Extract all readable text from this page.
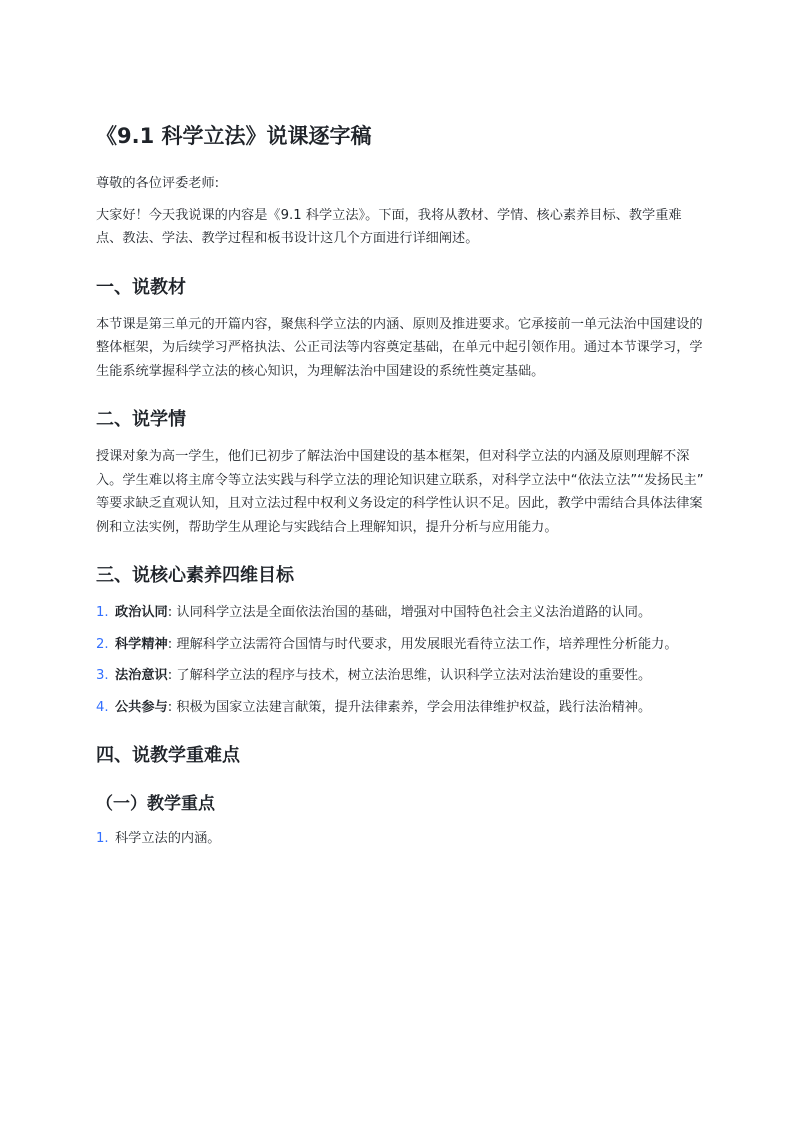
《9.1 科学立法》说课逐字稿

尊敬的各位评委老师:

大家好！今天我说课的内容是《9.1 科学立法》。下面，我将从教材、学情、核心素养目标、教学重难点、教法、学法、教学过程和板书设计这几个方面进行详细阐述。

一、说教材

本节课是第三单元的开篇内容，聚焦科学立法的内涵、原则及推进要求。它承接前一单元法治中国建设的整体框架，为后续学习严格执法、公正司法等内容奠定基础，在单元中起引领作用。通过本节课学习，学生能系统掌握科学立法的核心知识，为理解法治中国建设的系统性奠定基础。

二、说学情

授课对象为高一学生，他们已初步了解法治中国建设的基本框架，但对科学立法的内涵及原则理解不深入。学生难以将主席令等立法实践与科学立法的理论知识建立联系，对科学立法中“依法立法”“发扬民主” 等要求缺乏直观认知，且对立法过程中权利义务设定的科学性认识不足。因此，教学中需结合具体法律案例和立法实例，帮助学生从理论与实践结合上理解知识，提升分析与应用能力。

三、说核心素养四维目标
1. 政治认同: 认同科学立法是全面依法治国的基础，增强对中国特色社会主义法治道路的认同。
2. 科学精神: 理解科学立法需符合国情与时代要求，用发展眼光看待立法工作，培养理性分析能力。
3. 法治意识: 了解科学立法的程序与技术，树立法治思维，认识科学立法对法治建设的重要性。
4. 公共参与: 积极为国家立法建言献策，提升法律素养，学会用法律维护权益，践行法治精神。
四、说教学重难点
（一）教学重点
1. 科学立法的内涵。
